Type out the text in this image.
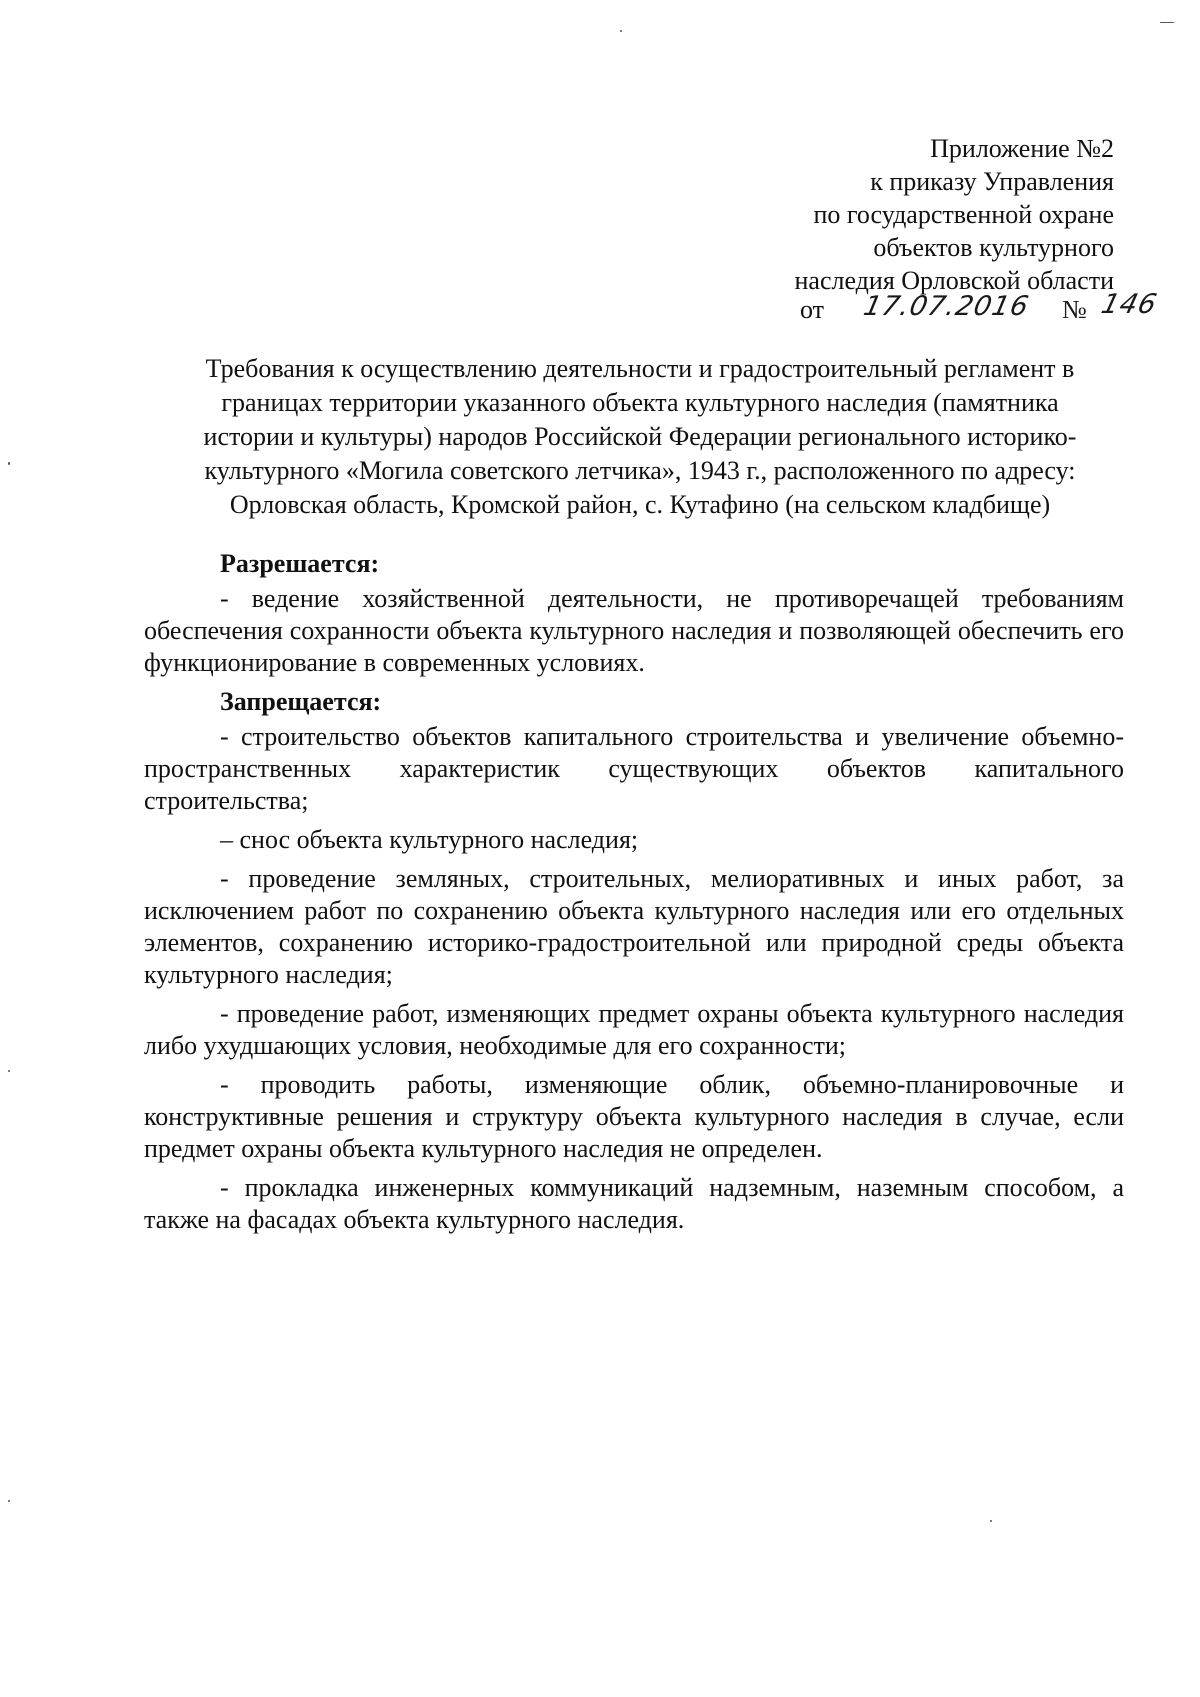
Приложение №2
к приказу Управления
по государственной охране
объектов культурного
наследия Орловской области
от 17.07.2016 № 146
Требования к осуществлению деятельности и градостроительный регламент в
границах территории указанного объекта культурного наследия (памятника
истории и культуры) народов Российской Федерации регионального историко-
культурного «Могила советского летчика», 1943 г., расположенного по адресу:
Орловская область, Кромской район, с. Кутафино (на сельском кладбище)
Разрешается:

- ведение хозяйственной деятельности, не противоречащей требованиям обеспечения сохранности объекта культурного наследия и позволяющей обеспечить его функционирование в современных условиях.

Запрещается:

- строительство объектов капитального строительства и увеличение объемно-пространственных характеристик существующих объектов капитального строительства;

– снос объекта культурного наследия;

- проведение земляных, строительных, мелиоративных и иных работ, за исключением работ по сохранению объекта культурного наследия или его отдельных элементов, сохранению историко-градостроительной или природной среды объекта культурного наследия;

- проведение работ, изменяющих предмет охраны объекта культурного наследия либо ухудшающих условия, необходимые для его сохранности;

- проводить работы, изменяющие облик, объемно-планировочные и конструктивные решения и структуру объекта культурного наследия в случае, если предмет охраны объекта культурного наследия не определен.

- прокладка инженерных коммуникаций надземным, наземным способом, а также на фасадах объекта культурного наследия.
